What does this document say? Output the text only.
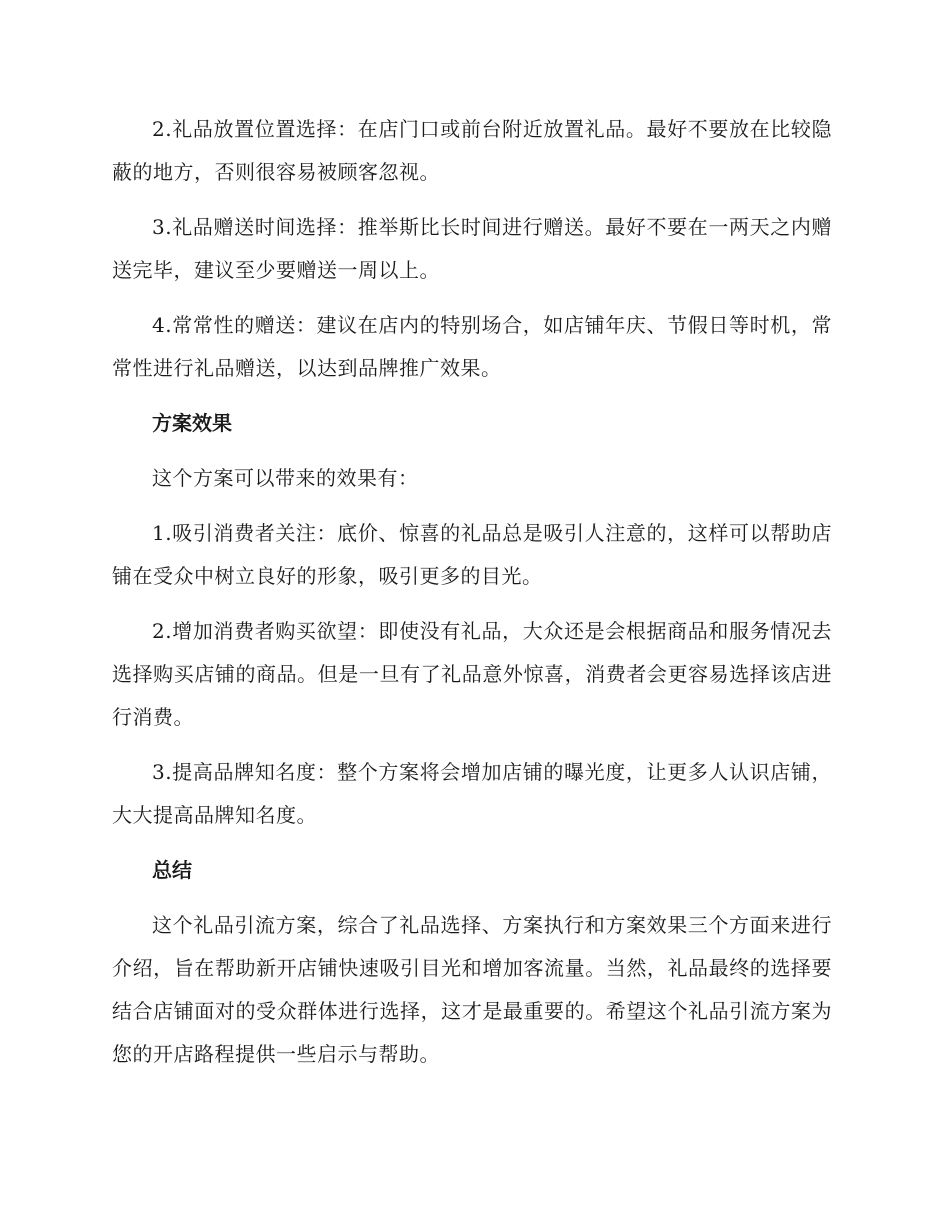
2.礼品放置位置选择：在店门口或前台附近放置礼品。最好不要放在比较隐蔽的地方，否则很容易被顾客忽视。

3.礼品赠送时间选择：推举斯比长时间进行赠送。最好不要在一两天之内赠送完毕，建议至少要赠送一周以上。

4.常常性的赠送：建议在店内的特别场合，如店铺年庆、节假日等时机，常常性进行礼品赠送，以达到品牌推广效果。

方案效果

这个方案可以带来的效果有：

1.吸引消费者关注：底价、惊喜的礼品总是吸引人注意的，这样可以帮助店铺在受众中树立良好的形象，吸引更多的目光。

2.增加消费者购买欲望：即使没有礼品，大众还是会根据商品和服务情况去选择购买店铺的商品。但是一旦有了礼品意外惊喜，消费者会更容易选择该店进行消费。

3.提高品牌知名度：整个方案将会增加店铺的曝光度，让更多人认识店铺，大大提高品牌知名度。

总结

这个礼品引流方案，综合了礼品选择、方案执行和方案效果三个方面来进行介绍，旨在帮助新开店铺快速吸引目光和增加客流量。当然，礼品最终的选择要结合店铺面对的受众群体进行选择，这才是最重要的。希望这个礼品引流方案为您的开店路程提供一些启示与帮助。
